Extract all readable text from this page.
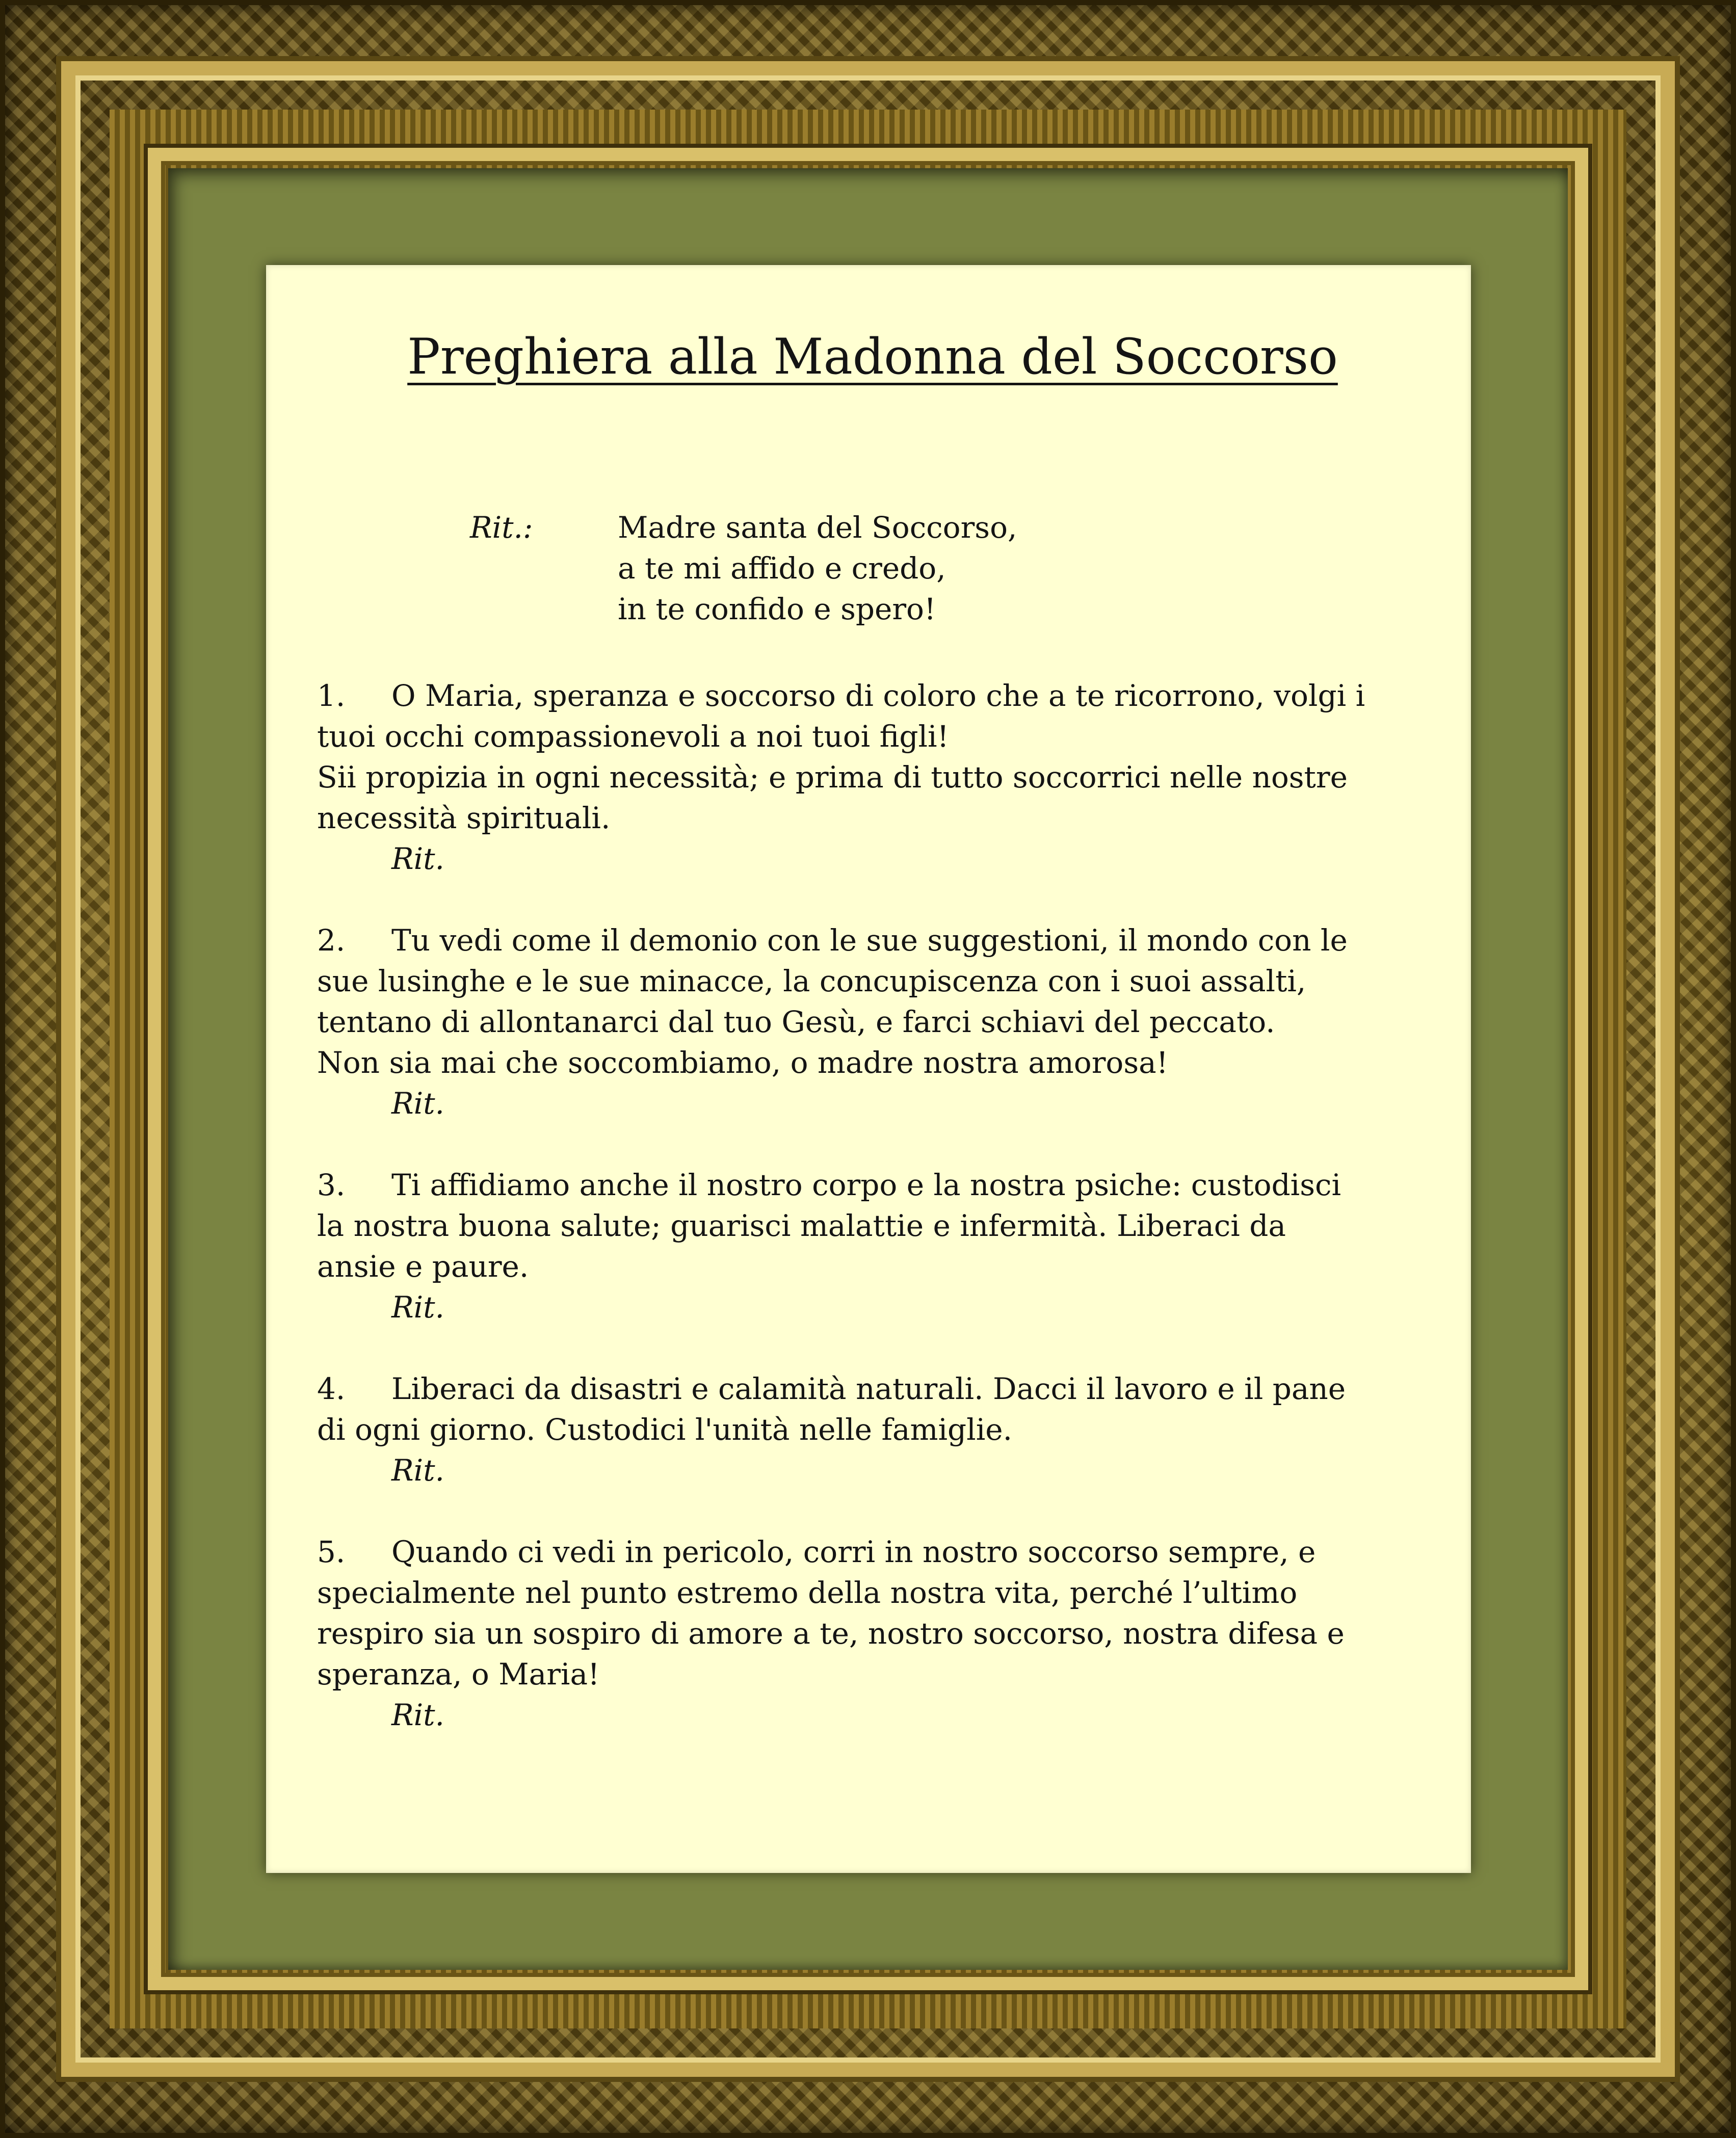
Preghiera alla Madonna del Soccorso
Rit.:	Madre santa del Soccorso,
a te mi affido e credo,
in te confido e spero!
1. O Maria, speranza e soccorso di coloro che a te ricorrono, volgi i
tuoi occhi compassionevoli a noi tuoi figli!
Sii propizia in ogni necessità; e prima di tutto soccorrici nelle nostre
necessità spirituali.
Rit.
2. Tu vedi come il demonio con le sue suggestioni, il mondo con le
sue lusinghe e le sue minacce, la concupiscenza con i suoi assalti,
tentano di allontanarci dal tuo Gesù, e farci schiavi del peccato.
Non sia mai che soccombiamo, o madre nostra amorosa!
Rit.
3. Ti affidiamo anche il nostro corpo e la nostra psiche: custodisci
la nostra buona salute; guarisci malattie e infermità. Liberaci da
ansie e paure.
Rit.
4. Liberaci da disastri e calamità naturali. Dacci il lavoro e il pane
di ogni giorno. Custodici l'unità nelle famiglie.
Rit.
5. Quando ci vedi in pericolo, corri in nostro soccorso sempre, e
specialmente nel punto estremo della nostra vita, perché l’ultimo
respiro sia un sospiro di amore a te, nostro soccorso, nostra difesa e
speranza, o Maria!
Rit.
